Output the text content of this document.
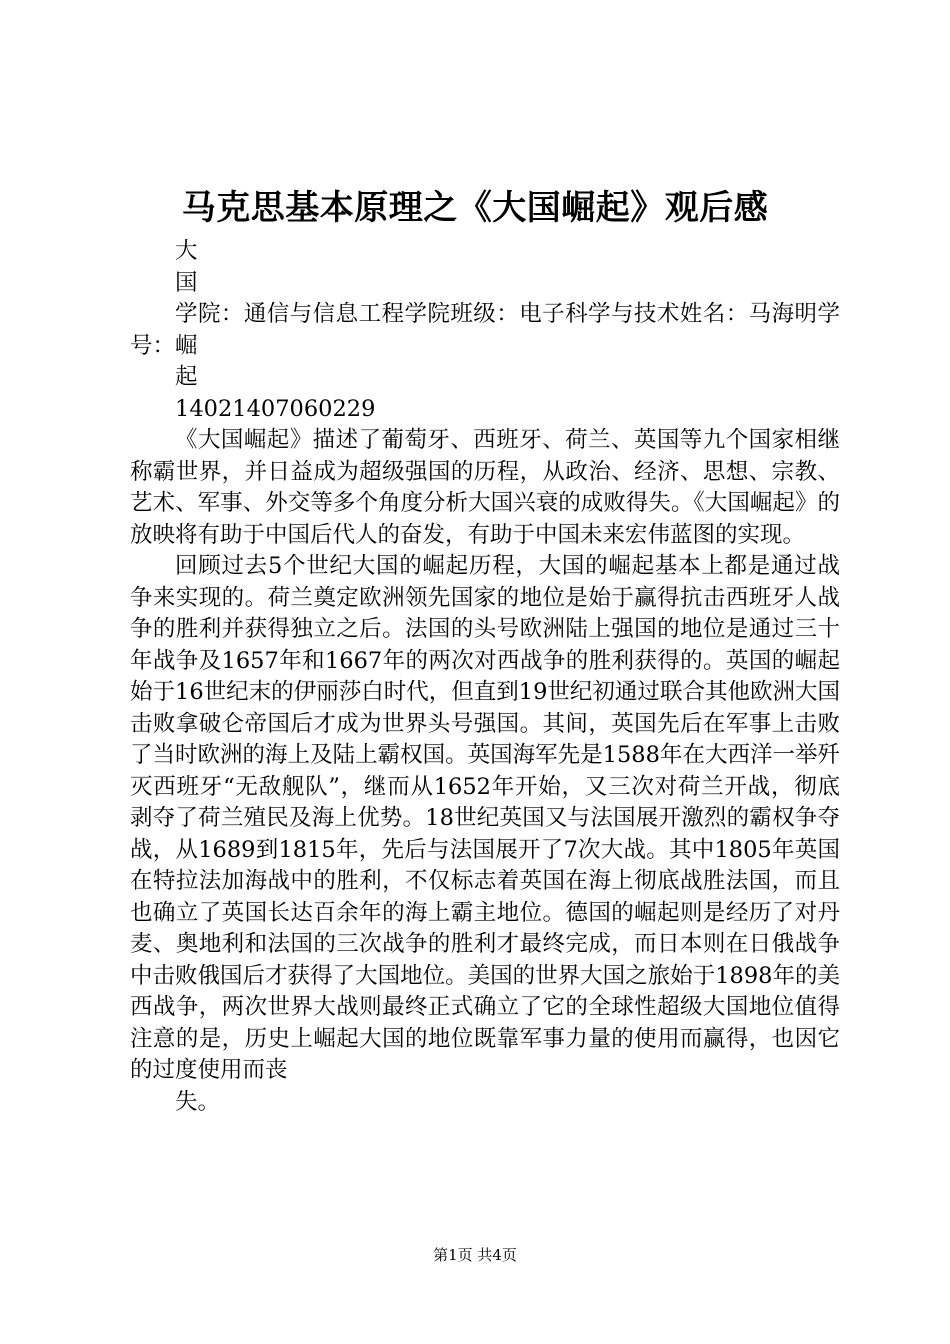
马克思基本原理之《大国崛起》观后感

大

国

学院：通信与信息工程学院班级：电子科学与技术姓名：马海明学号：崛

起

14021407060229

《大国崛起》描述了葡萄牙、西班牙、荷兰、英国等九个国家相继称霸世界，并日益成为超级强国的历程，从政治、经济、思想、宗教、艺术、军事、外交等多个角度分析大国兴衰的成败得失。《大国崛起》的放映将有助于中国后代人的奋发，有助于中国未来宏伟蓝图的实现。

回顾过去5个世纪大国的崛起历程，大国的崛起基本上都是通过战争来实现的。荷兰奠定欧洲领先国家的地位是始于赢得抗击西班牙人战争的胜利并获得独立之后。法国的头号欧洲陆上强国的地位是通过三十年战争及1657年和1667年的两次对西战争的胜利获得的。英国的崛起始于16世纪末的伊丽莎白时代，但直到19世纪初通过联合其他欧洲大国击败拿破仑帝国后才成为世界头号强国。其间，英国先后在军事上击败了当时欧洲的海上及陆上霸权国。英国海军先是1588年在大西洋一举歼灭西班牙“无敌舰队”，继而从1652年开始，又三次对荷兰开战，彻底剥夺了荷兰殖民及海上优势。18世纪英国又与法国展开激烈的霸权争夺战，从1689到1815年，先后与法国展开了7次大战。其中1805年英国在特拉法加海战中的胜利，不仅标志着英国在海上彻底战胜法国，而且也确立了英国长达百余年的海上霸主地位。德国的崛起则是经历了对丹麦、奥地利和法国的三次战争的胜利才最终完成，而日本则在日俄战争中击败俄国后才获得了大国地位。美国的世界大国之旅始于1898年的美西战争，两次世界大战则最终正式确立了它的全球性超级大国地位值得注意的是，历史上崛起大国的地位既靠军事力量的使用而赢得，也因它的过度使用而丧

失。

第1页 共4页
